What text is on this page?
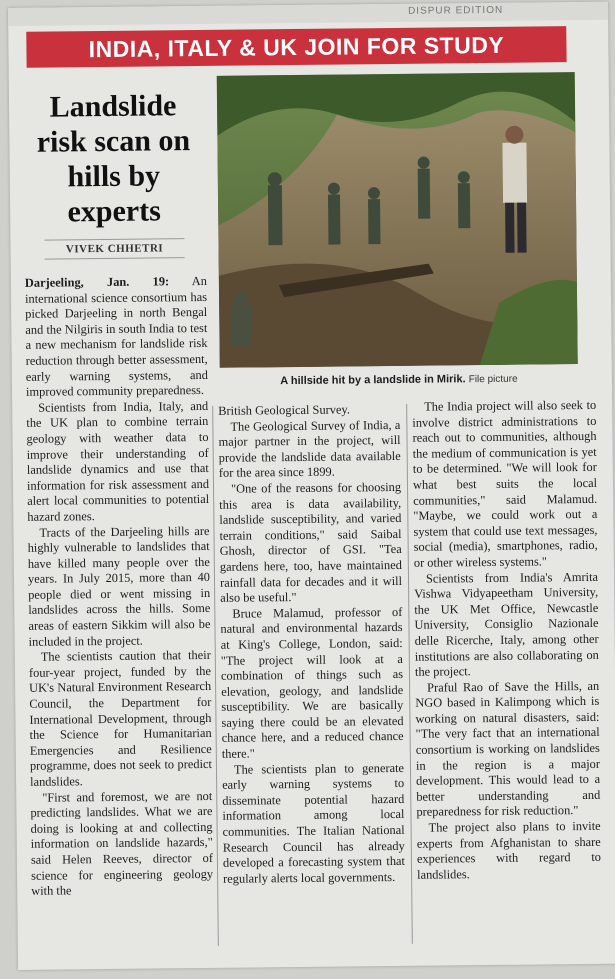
DISPUR EDITION
INDIA, ITALY & UK JOIN FOR STUDY
Landslide risk scan on hills by experts
VIVEK CHHETRI
A hillside hit by a landslide in Mirik. File picture

Darjeeling, Jan. 19: An international science consortium has picked Darjeeling in north Bengal and the Nilgiris in south India to test a new mechanism for landslide risk reduction through better assessment, early warning systems, and improved community preparedness.

Scientists from India, Italy, and the UK plan to combine terrain geology with weather data to improve their understanding of landslide dynamics and use that information for risk assessment and alert local communities to potential hazard zones.

Tracts of the Darjeeling hills are highly vulnerable to landslides that have killed many people over the years. In July 2015, more than 40 people died or went missing in landslides across the hills. Some areas of eastern Sikkim will also be included in the project.

The scientists caution that their four-year project, funded by the UK's Natural Environment Research Council, the Department for International Development, through the Science for Humanitarian Emergencies and Resilience programme, does not seek to predict landslides.

"First and foremost, we are not predicting landslides. What we are doing is looking at and collecting information on landslide hazards," said Helen Reeves, director of science for engineering geology with the

British Geological Survey.

The Geological Survey of India, a major partner in the project, will provide the landslide data available for the area since 1899.

"One of the reasons for choosing this area is data availability, landslide susceptibility, and varied terrain conditions," said Saibal Ghosh, director of GSI. "Tea gardens here, too, have maintained rainfall data for decades and it will also be useful."

Bruce Malamud, professor of natural and environmental hazards at King's College, London, said: "The project will look at a combination of things such as elevation, geology, and landslide susceptibility. We are basically saying there could be an elevated chance here, and a reduced chance there."

The scientists plan to generate early warning systems to disseminate potential hazard information among local communities. The Italian National Research Council has already developed a forecasting system that regularly alerts local governments.

The India project will also seek to involve district administrations to reach out to communities, although the medium of communication is yet to be determined. "We will look for what best suits the local communities," said Malamud. "Maybe, we could work out a system that could use text messages, social (media), smartphones, radio, or other wireless systems."

Scientists from India's Amrita Vishwa Vidyapeetham University, the UK Met Office, Newcastle University, Consiglio Nazionale delle Ricerche, Italy, among other institutions are also collaborating on the project.

Praful Rao of Save the Hills, an NGO based in Kalimpong which is working on natural disasters, said: "The very fact that an international consortium is working on landslides in the region is a major development. This would lead to a better understanding and preparedness for risk reduction."

The project also plans to invite experts from Afghanistan to share experiences with regard to landslides.
